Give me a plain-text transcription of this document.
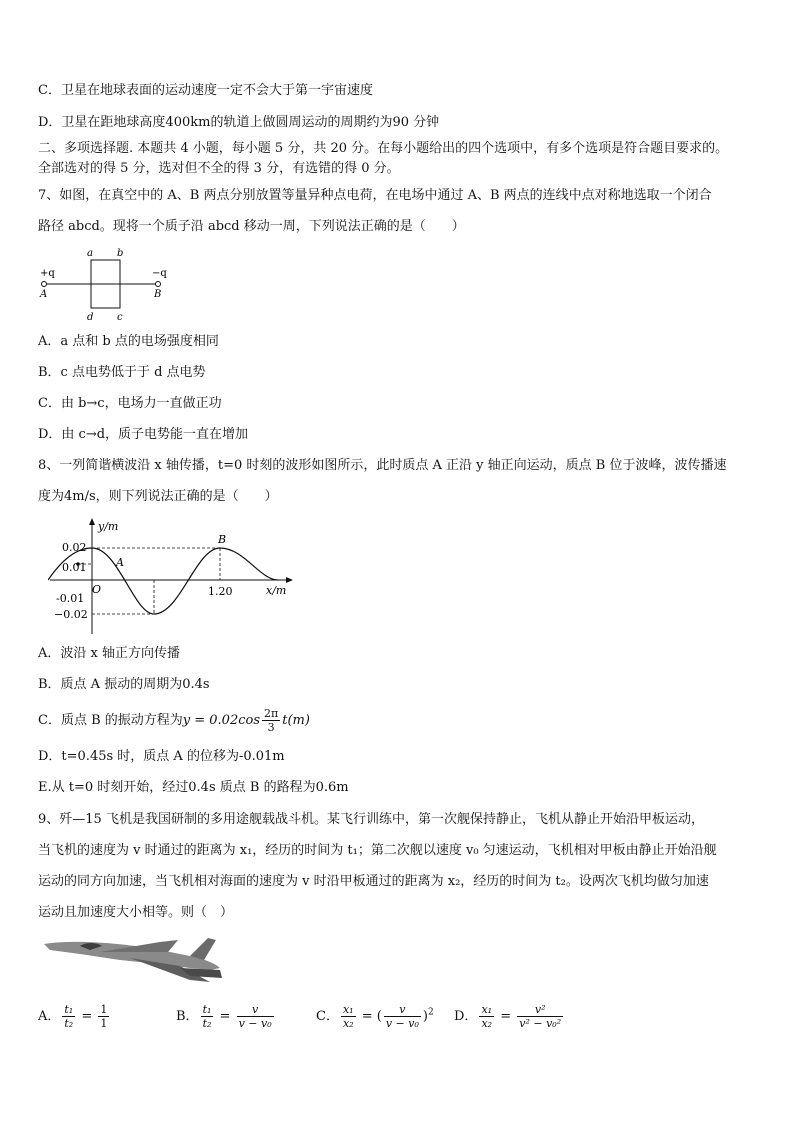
C．卫星在地球表面的运动速度一定不会大于第一宇宙速度
D．卫星在距地球高度400km的轨道上做圆周运动的周期约为90 分钟
二、多项选择题. 本题共 4 小题，每小题 5 分，共 20 分。在每小题给出的四个选项中，有多个选项是符合题目要求的。
全部选对的得 5 分，选对但不全的得 3 分，有选错的得 0 分。
7、如图，在真空中的 A、B 两点分别放置等量异种点电荷，在电场中通过 A、B 两点的连线中点对称地选取一个闭合
路径 abcd。现将一个质子沿 abcd 移动一周，下列说法正确的是（　　）
+q	−q
A	B
a b
d c
A．a 点和 b 点的电场强度相同
B．c 点电势低于于 d 点电势
C．由 b→c，电场力一直做正功
D．由 c→d，质子电势能一直在增加
8、一列简谐横波沿 x 轴传播，t=0 时刻的波形如图所示，此时质点 A 正沿 y 轴正向运动，质点 B 位于波峰，波传播速
度为4m/s，则下列说法正确的是（　　）
y/m
x/m
0.02
0.01
-0.01
−0.02
O	1.20
A
B
A．波沿 x 轴正方向传播
B．质点 A 振动的周期为0.4s
C．质点 B 的振动方程为$y = 0.02\cos \frac{2\pi}{3} t(m)$
D．t=0.45s 时，质点 A 的位移为-0.01m
E.从 t=0 时刻开始，经过0.4s 质点 B 的路程为0.6m
9、歼—15 飞机是我国研制的多用途舰载战斗机。某飞行训练中，第一次舰保持静止，飞机从静止开始沿甲板运动，
当飞机的速度为 v 时通过的距离为 x₁，经历的时间为 t₁；第二次舰以速度 v₀ 匀速运动，飞机相对甲板由静止开始沿舰
运动的同方向加速，当飞机相对海面的速度为 v 时沿甲板通过的距离为 x₂，经历的时间为 t₂。设两次飞机均做匀加速
运动且加速度大小相等。则（　）
A． $\frac{\text{t₁}}{\text{t₂}} = \frac{1}{1}$	B． $\frac{\text{t₁}}{\text{t₂}} = \frac{v}{\text{v − v₀}}$	C． $\frac{\text{x₁}}{\text{x₂}}$ = ( $\frac{v}{\text{v − v₀}} )^2$ D． $\frac{\text{x₁}}{\text{x₂}} = \frac{\text{v²}}{\text{v² − v₀²}}$
